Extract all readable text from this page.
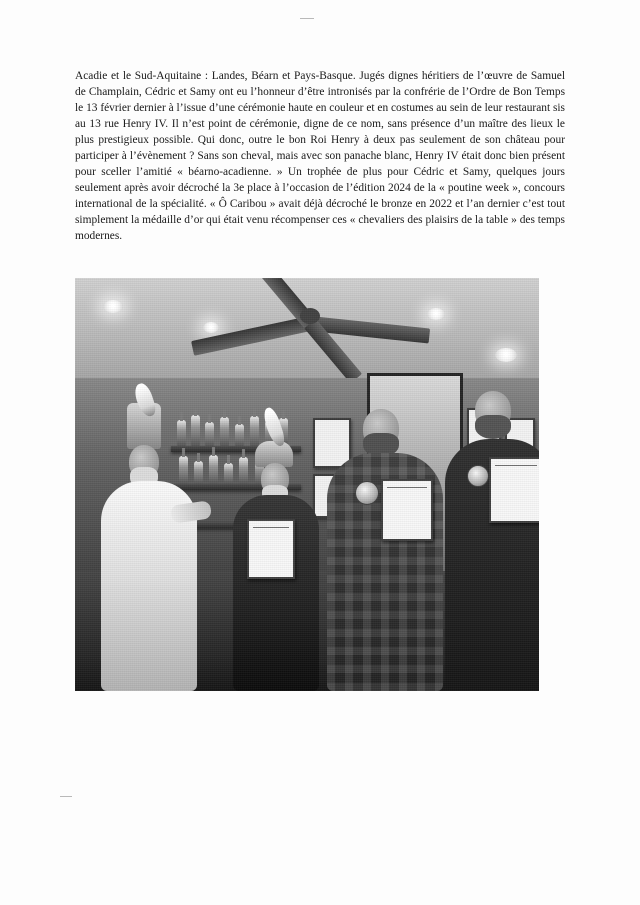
Acadie et le Sud-Aquitaine : Landes, Béarn et Pays-Basque. Jugés dignes héritiers de l’œuvre de Samuel de Champlain, Cédric et Samy ont eu l’honneur d’être intronisés par la confrérie de l’Ordre de Bon Temps le 13 février dernier à l’issue d’une cérémonie haute en couleur et en costumes au sein de leur restaurant sis au 13 rue Henry IV. Il n’est point de cérémonie, digne de ce nom, sans présence d’un maître des lieux le plus prestigieux possible. Qui donc, outre le bon Roi Henry à deux pas seulement de son château pour participer à l’évènement ? Sans son cheval, mais avec son panache blanc, Henry IV était donc bien présent pour sceller l’amitié « béarno-acadienne. » Un trophée de plus pour Cédric et Samy, quelques jours seulement après avoir décroché la 3e place à l’occasion de l’édition 2024 de la « poutine week », concours international de la spécialité. « Ô Caribou » avait déjà décroché le bronze en 2022 et l’an dernier c’est tout simplement la médaille d’or qui était venu récompenser ces « chevaliers des plaisirs de la table » des temps modernes.
